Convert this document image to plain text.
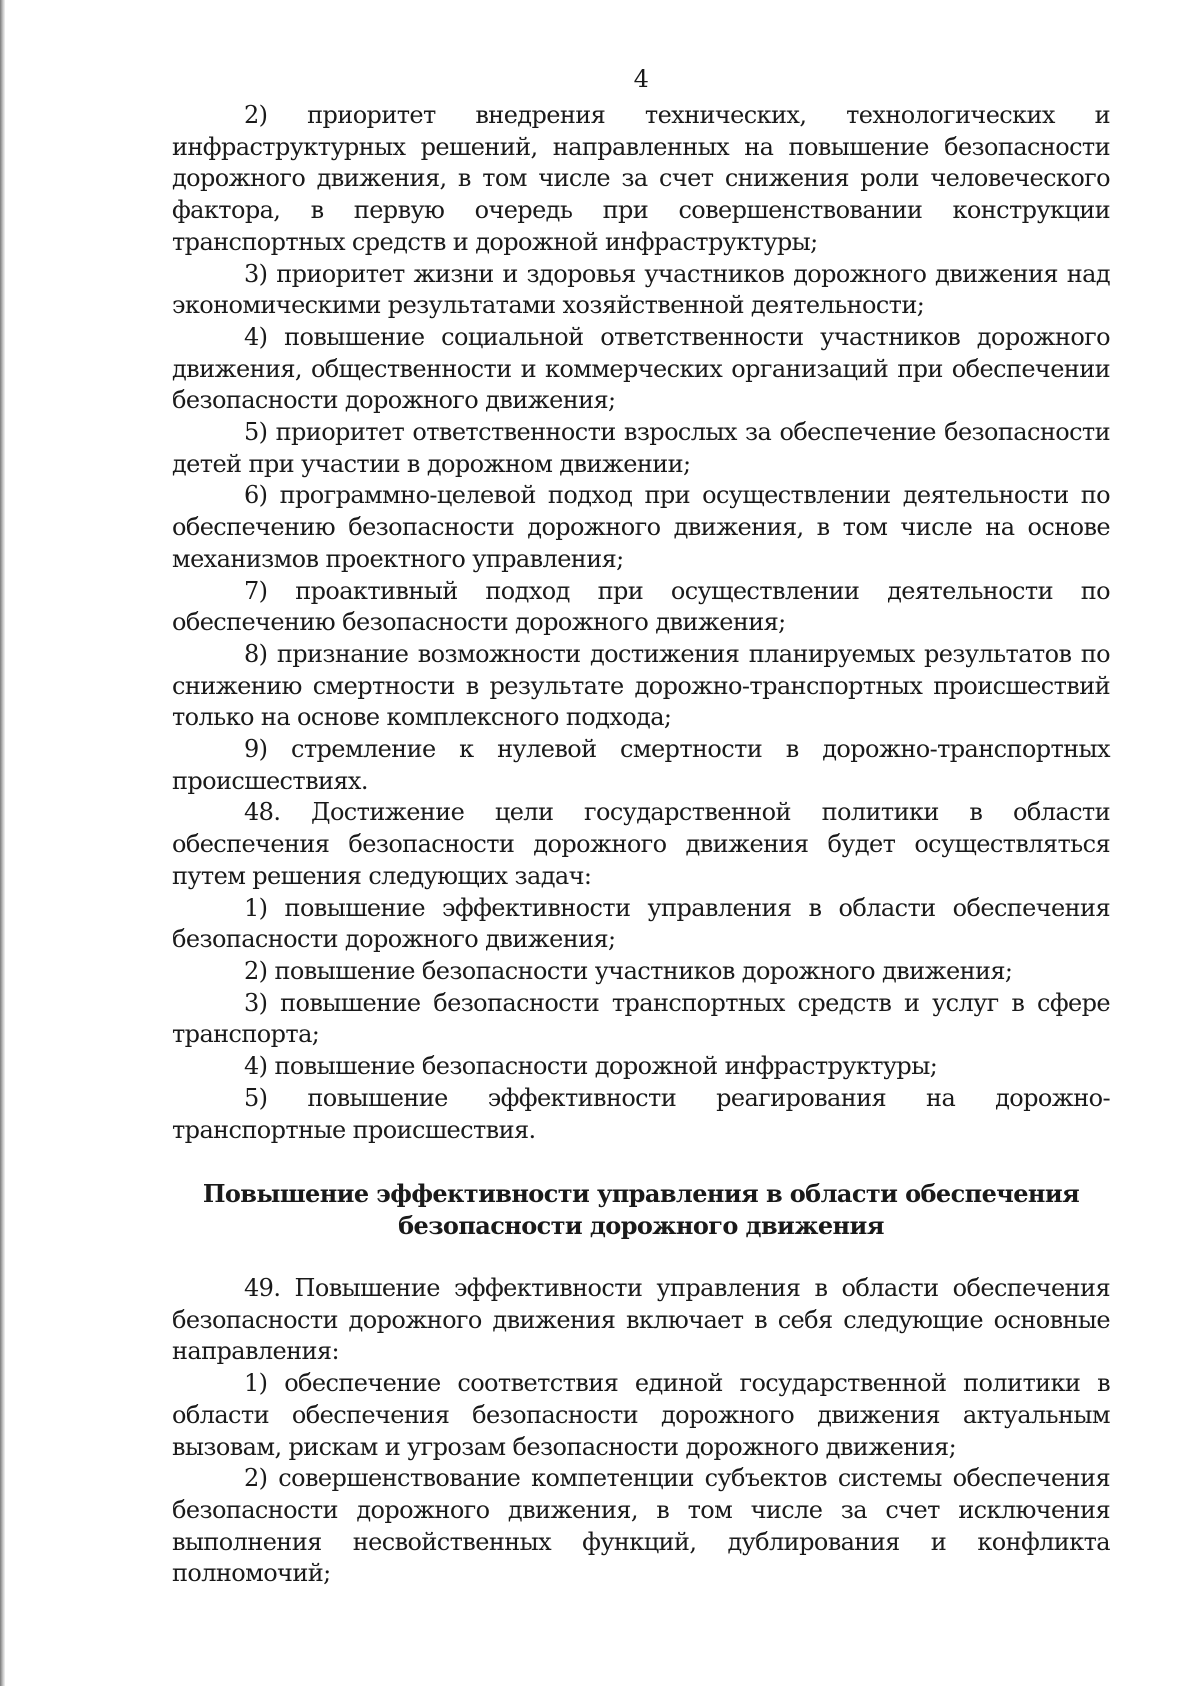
4

2) приоритет внедрения технических, технологических и инфраструктурных решений, направленных на повышение безопасности дорожного движения, в том числе за счет снижения роли человеческого фактора, в первую очередь при совершенствовании конструкции транспортных средств и дорожной инфраструктуры;

3) приоритет жизни и здоровья участников дорожного движения над экономическими результатами хозяйственной деятельности;

4) повышение социальной ответственности участников дорожного движения, общественности и коммерческих организаций при обеспечении безопасности дорожного движения;

5) приоритет ответственности взрослых за обеспечение безопасности детей при участии в дорожном движении;

6) программно-целевой подход при осуществлении деятельности по обеспечению безопасности дорожного движения, в том числе на основе механизмов проектного управления;

7) проактивный подход при осуществлении деятельности по обеспечению безопасности дорожного движения;

8) признание возможности достижения планируемых результатов по снижению смертности в результате дорожно-транспортных происшествий только на основе комплексного подхода;

9) стремление к нулевой смертности в дорожно-транспортных происшествиях.

48. Достижение цели государственной политики в области обеспечения безопасности дорожного движения будет осуществляться путем решения следующих задач:

1) повышение эффективности управления в области обеспечения безопасности дорожного движения;

2) повышение безопасности участников дорожного движения;

3) повышение безопасности транспортных средств и услуг в сфере транспорта;

4) повышение безопасности дорожной инфраструктуры;

5) повышение эффективности реагирования на дорожно-транспортные происшествия.

Повышение эффективности управления в области обеспечения
безопасности дорожного движения

49. Повышение эффективности управления в области обеспечения безопасности дорожного движения включает в себя следующие основные направления:

1) обеспечение соответствия единой государственной политики в области обеспечения безопасности дорожного движения актуальным вызовам, рискам и угрозам безопасности дорожного движения;

2) совершенствование компетенции субъектов системы обеспечения безопасности дорожного движения, в том числе за счет исключения выполнения несвойственных функций, дублирования и конфликта полномочий;
